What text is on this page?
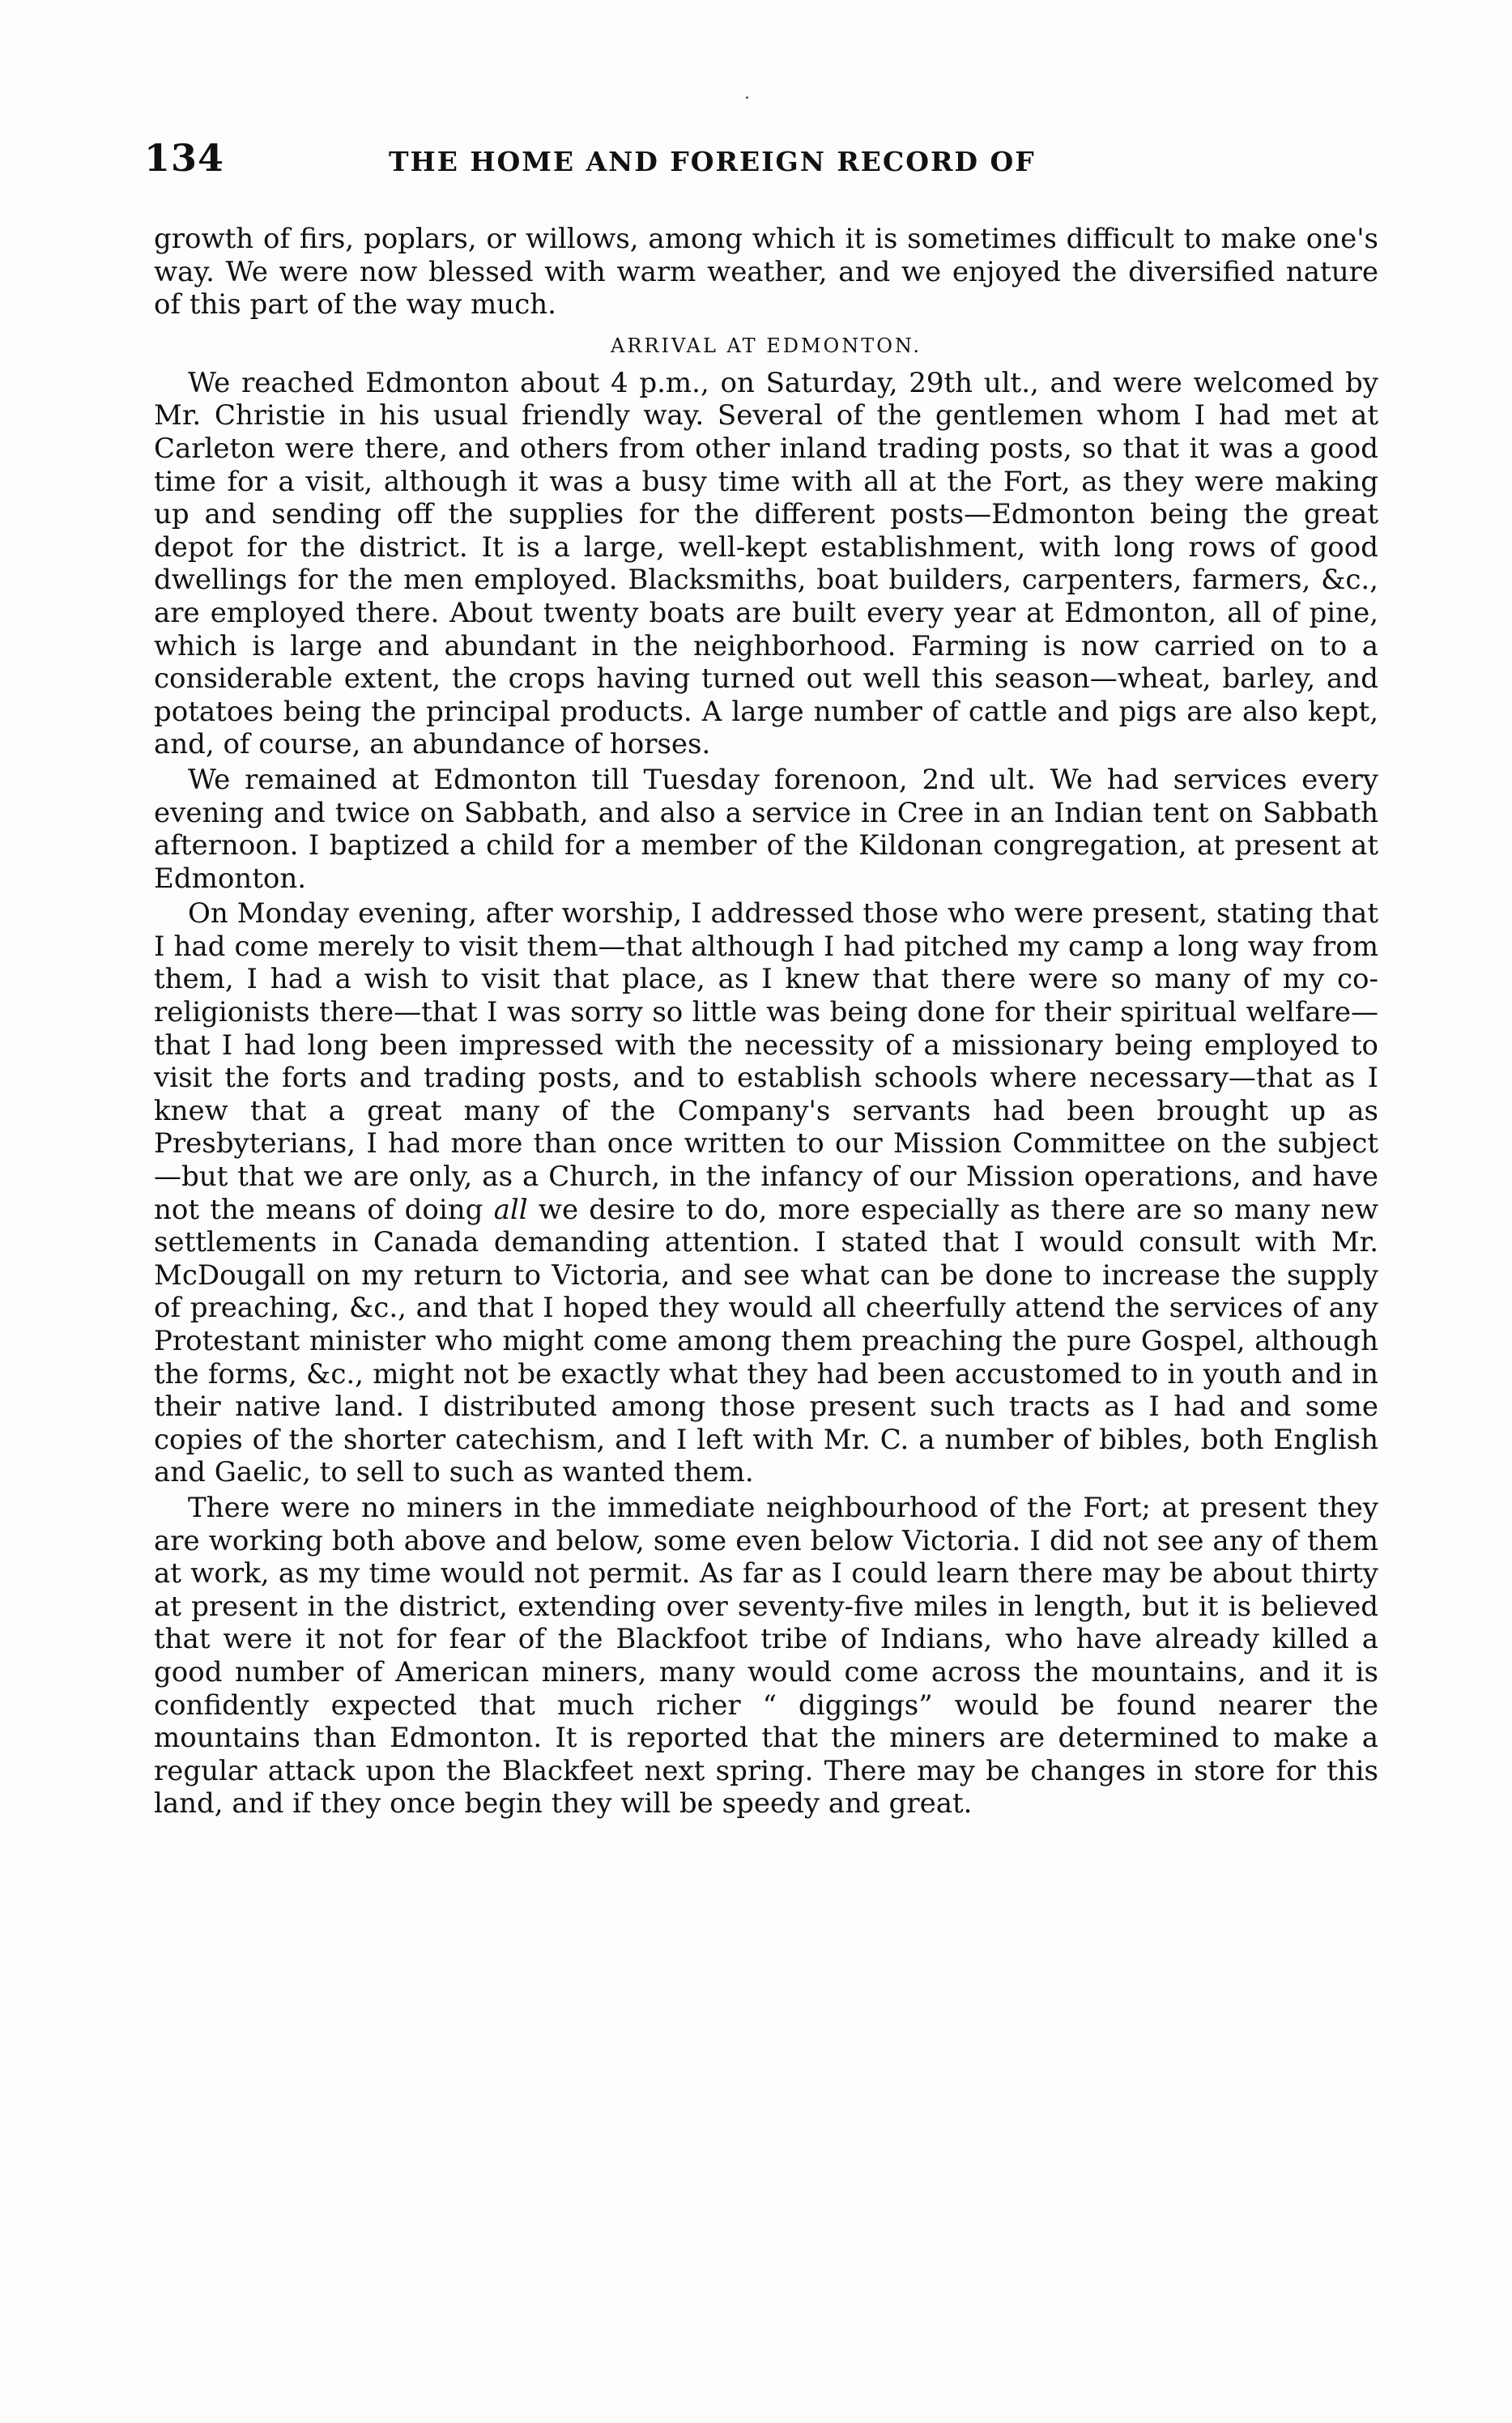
134	THE HOME AND FOREIGN RECORD OF

growth of firs, poplars, or willows, among which it is sometimes difficult to make one's way. We were now blessed with warm weather, and we enjoyed the diversified nature of this part of the way much.

ARRIVAL AT EDMONTON.

We reached Edmonton about 4 p.m., on Saturday, 29th ult., and were welcomed by Mr. Christie in his usual friendly way. Several of the gentlemen whom I had met at Carleton were there, and others from other inland trading posts, so that it was a good time for a visit, although it was a busy time with all at the Fort, as they were making up and sending off the supplies for the different posts—Edmonton being the great depot for the district. It is a large, well-kept establishment, with long rows of good dwellings for the men employed. Blacksmiths, boat builders, carpenters, farmers, &c., are employed there. About twenty boats are built every year at Edmonton, all of pine, which is large and abundant in the neighborhood. Farming is now carried on to a considerable extent, the crops having turned out well this season—wheat, barley, and potatoes being the principal products. A large number of cattle and pigs are also kept, and, of course, an abundance of horses.

We remained at Edmonton till Tuesday forenoon, 2nd ult. We had services every evening and twice on Sabbath, and also a service in Cree in an Indian tent on Sabbath afternoon. I baptized a child for a member of the Kildonan congregation, at present at Edmonton.

On Monday evening, after worship, I addressed those who were present, stating that I had come merely to visit them—that although I had pitched my camp a long way from them, I had a wish to visit that place, as I knew that there were so many of my co-religionists there—that I was sorry so little was being done for their spiritual welfare—that I had long been impressed with the necessity of a missionary being employed to visit the forts and trading posts, and to establish schools where necessary—that as I knew that a great many of the Company's servants had been brought up as Presbyterians, I had more than once written to our Mission Committee on the subject—but that we are only, as a Church, in the infancy of our Mission operations, and have not the means of doing all we desire to do, more especially as there are so many new settlements in Canada demanding attention. I stated that I would consult with Mr. McDougall on my return to Victoria, and see what can be done to increase the supply of preaching, &c., and that I hoped they would all cheerfully attend the services of any Protestant minister who might come among them preaching the pure Gospel, although the forms, &c., might not be exactly what they had been accustomed to in youth and in their native land. I distributed among those present such tracts as I had and some copies of the shorter catechism, and I left with Mr. C. a number of bibles, both English and Gaelic, to sell to such as wanted them.

There were no miners in the immediate neighbourhood of the Fort; at present they are working both above and below, some even below Victoria. I did not see any of them at work, as my time would not permit. As far as I could learn there may be about thirty at present in the district, extending over seventy-five miles in length, but it is believed that were it not for fear of the Blackfoot tribe of Indians, who have already killed a good number of American miners, many would come across the mountains, and it is confidently expected that much richer “ diggings” would be found nearer the mountains than Edmonton. It is reported that the miners are determined to make a regular attack upon the Blackfeet next spring. There may be changes in store for this land, and if they once begin they will be speedy and great.
